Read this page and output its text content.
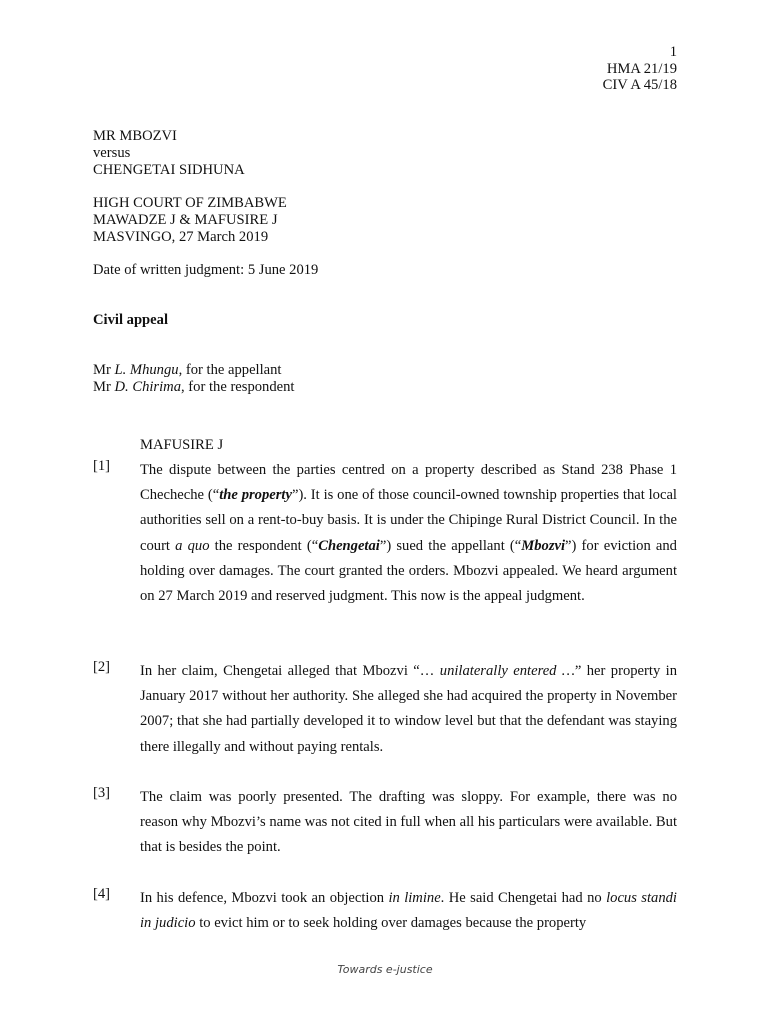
1
HMA 21/19
CIV A 45/18
MR MBOZVI
versus
CHENGETAI SIDHUNA
HIGH COURT OF ZIMBABWE
MAWADZE J & MAFUSIRE J
MASVINGO, 27 March 2019
Date of written judgment: 5 June 2019
Civil appeal
Mr L. Mhungu, for the appellant
Mr D. Chirima, for the respondent
MAFUSIRE J
[1] The dispute between the parties centred on a property described as Stand 238 Phase 1 Checheche (“the property”). It is one of those council-owned township properties that local authorities sell on a rent-to-buy basis. It is under the Chipinge Rural District Council. In the court a quo the respondent (“Chengetai”) sued the appellant (“Mbozvi”) for eviction and holding over damages. The court granted the orders. Mbozvi appealed. We heard argument on 27 March 2019 and reserved judgment. This now is the appeal judgment.
[2] In her claim, Chengetai alleged that Mbozvi “… unilaterally entered …” her property in January 2017 without her authority. She alleged she had acquired the property in November 2007; that she had partially developed it to window level but that the defendant was staying there illegally and without paying rentals.
[3] The claim was poorly presented. The drafting was sloppy. For example, there was no reason why Mbozvi’s name was not cited in full when all his particulars were available. But that is besides the point.
[4] In his defence, Mbozvi took an objection in limine. He said Chengetai had no locus standi in judicio to evict him or to seek holding over damages because the property
Towards e-justice
